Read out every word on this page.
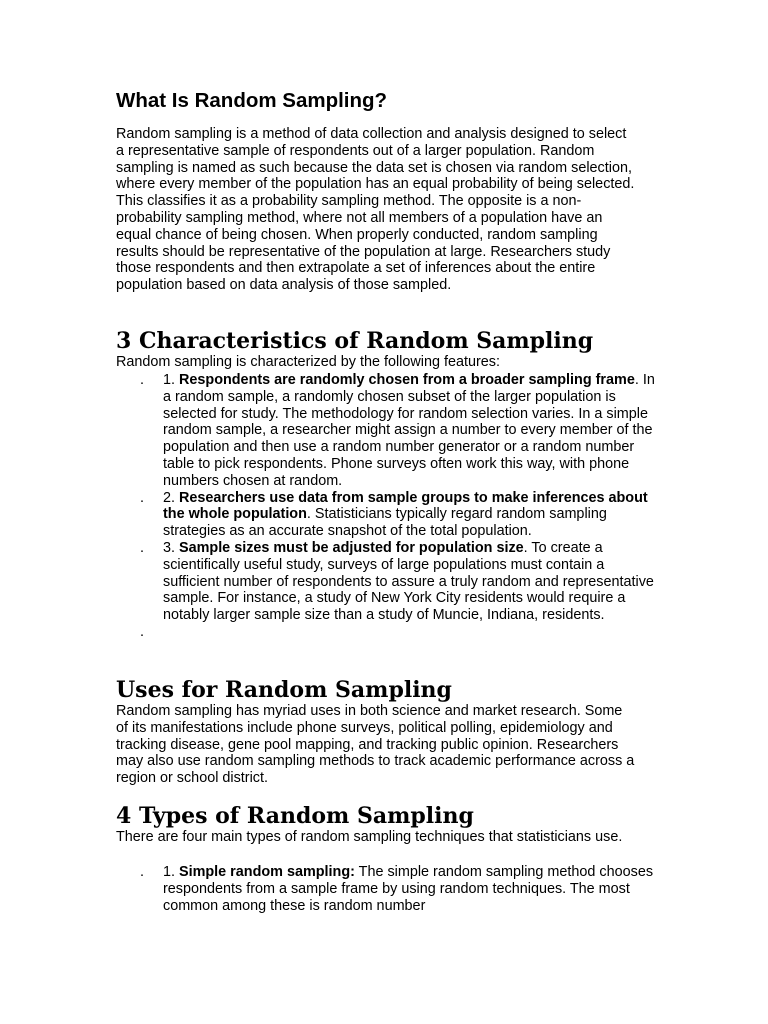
What Is Random Sampling?

Random sampling is a method of data collection and analysis designed to select a representative sample of respondents out of a larger population. Random sampling is named as such because the data set is chosen via random selection, where every member of the population has an equal probability of being selected. This classifies it as a probability sampling method. The opposite is a non-probability sampling method, where not all members of a population have an equal chance of being chosen. When properly conducted, random sampling results should be representative of the population at large. Researchers study those respondents and then extrapolate a set of inferences about the entire population based on data analysis of those sampled.

3 Characteristics of Random Sampling

Random sampling is characterized by the following features:

. 1. Respondents are randomly chosen from a broader sampling frame. In a random sample, a randomly chosen subset of the larger population is selected for study. The methodology for random selection varies. In a simple random sample, a researcher might assign a number to every member of the population and then use a random number generator or a random number table to pick respondents. Phone surveys often work this way, with phone numbers chosen at random.
. 2. Researchers use data from sample groups to make inferences about the whole population. Statisticians typically regard random sampling strategies as an accurate snapshot of the total population.
. 3. Sample sizes must be adjusted for population size. To create a scientifically useful study, surveys of large populations must contain a sufficient number of respondents to assure a truly random and representative sample. For instance, a study of New York City residents would require a notably larger sample size than a study of Muncie, Indiana, residents.
.

Uses for Random Sampling

Random sampling has myriad uses in both science and market research. Some of its manifestations include phone surveys, political polling, epidemiology and tracking disease, gene pool mapping, and tracking public opinion. Researchers may also use random sampling methods to track academic performance across a region or school district.

4 Types of Random Sampling

There are four main types of random sampling techniques that statisticians use.

. 1. Simple random sampling: The simple random sampling method chooses respondents from a sample frame by using random techniques. The most common among these is random number
